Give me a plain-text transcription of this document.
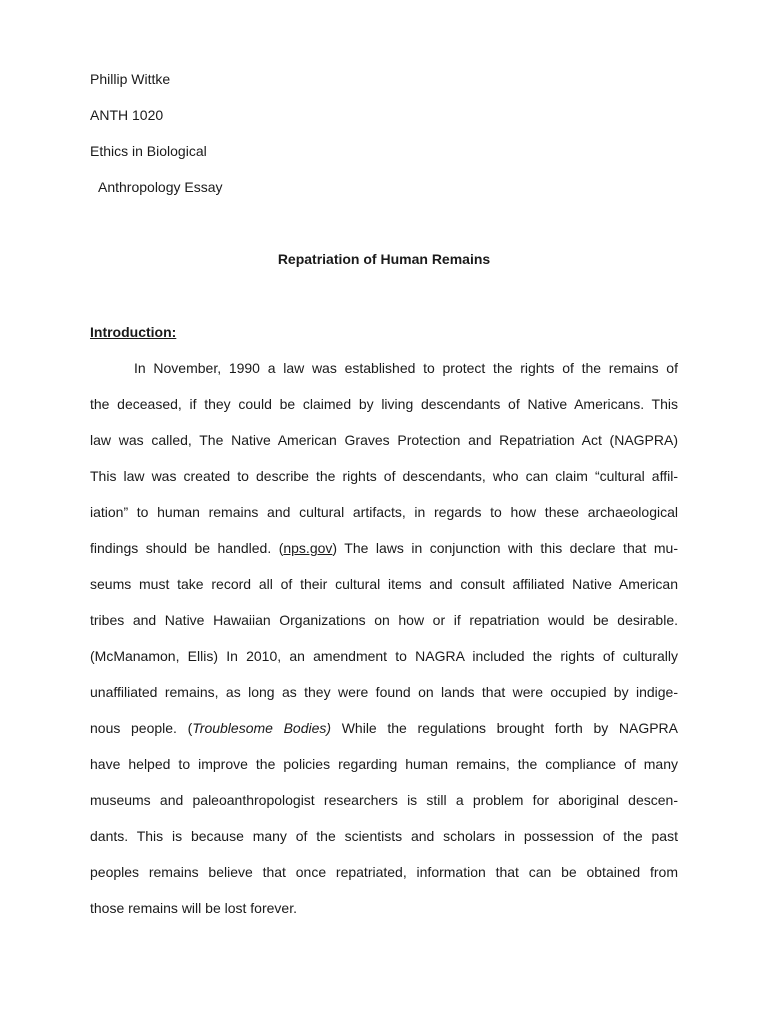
Phillip Wittke
ANTH 1020
Ethics in Biological
Anthropology Essay
Repatriation of Human Remains
Introduction:
In November, 1990 a law was established to protect the rights of the remains of
the deceased, if they could be claimed by living descendants of Native Americans. This
law was called, The Native American Graves Protection and Repatriation Act (NAGPRA)
This law was created to describe the rights of descendants, who can claim “cultural affil-
iation” to human remains and cultural artifacts, in regards to how these archaeological
findings should be handled. (nps.gov) The laws in conjunction with this declare that mu-
seums must take record all of their cultural items and consult affiliated Native American
tribes and Native Hawaiian Organizations on how or if repatriation would be desirable.
(McManamon, Ellis) In 2010, an amendment to NAGRA included the rights of culturally
unaffiliated remains, as long as they were found on lands that were occupied by indige-
nous people. (Troublesome Bodies) While the regulations brought forth by NAGPRA
have helped to improve the policies regarding human remains, the compliance of many
museums and paleoanthropologist researchers is still a problem for aboriginal descen-
dants. This is because many of the scientists and scholars in possession of the past
peoples remains believe that once repatriated, information that can be obtained from
those remains will be lost forever.
